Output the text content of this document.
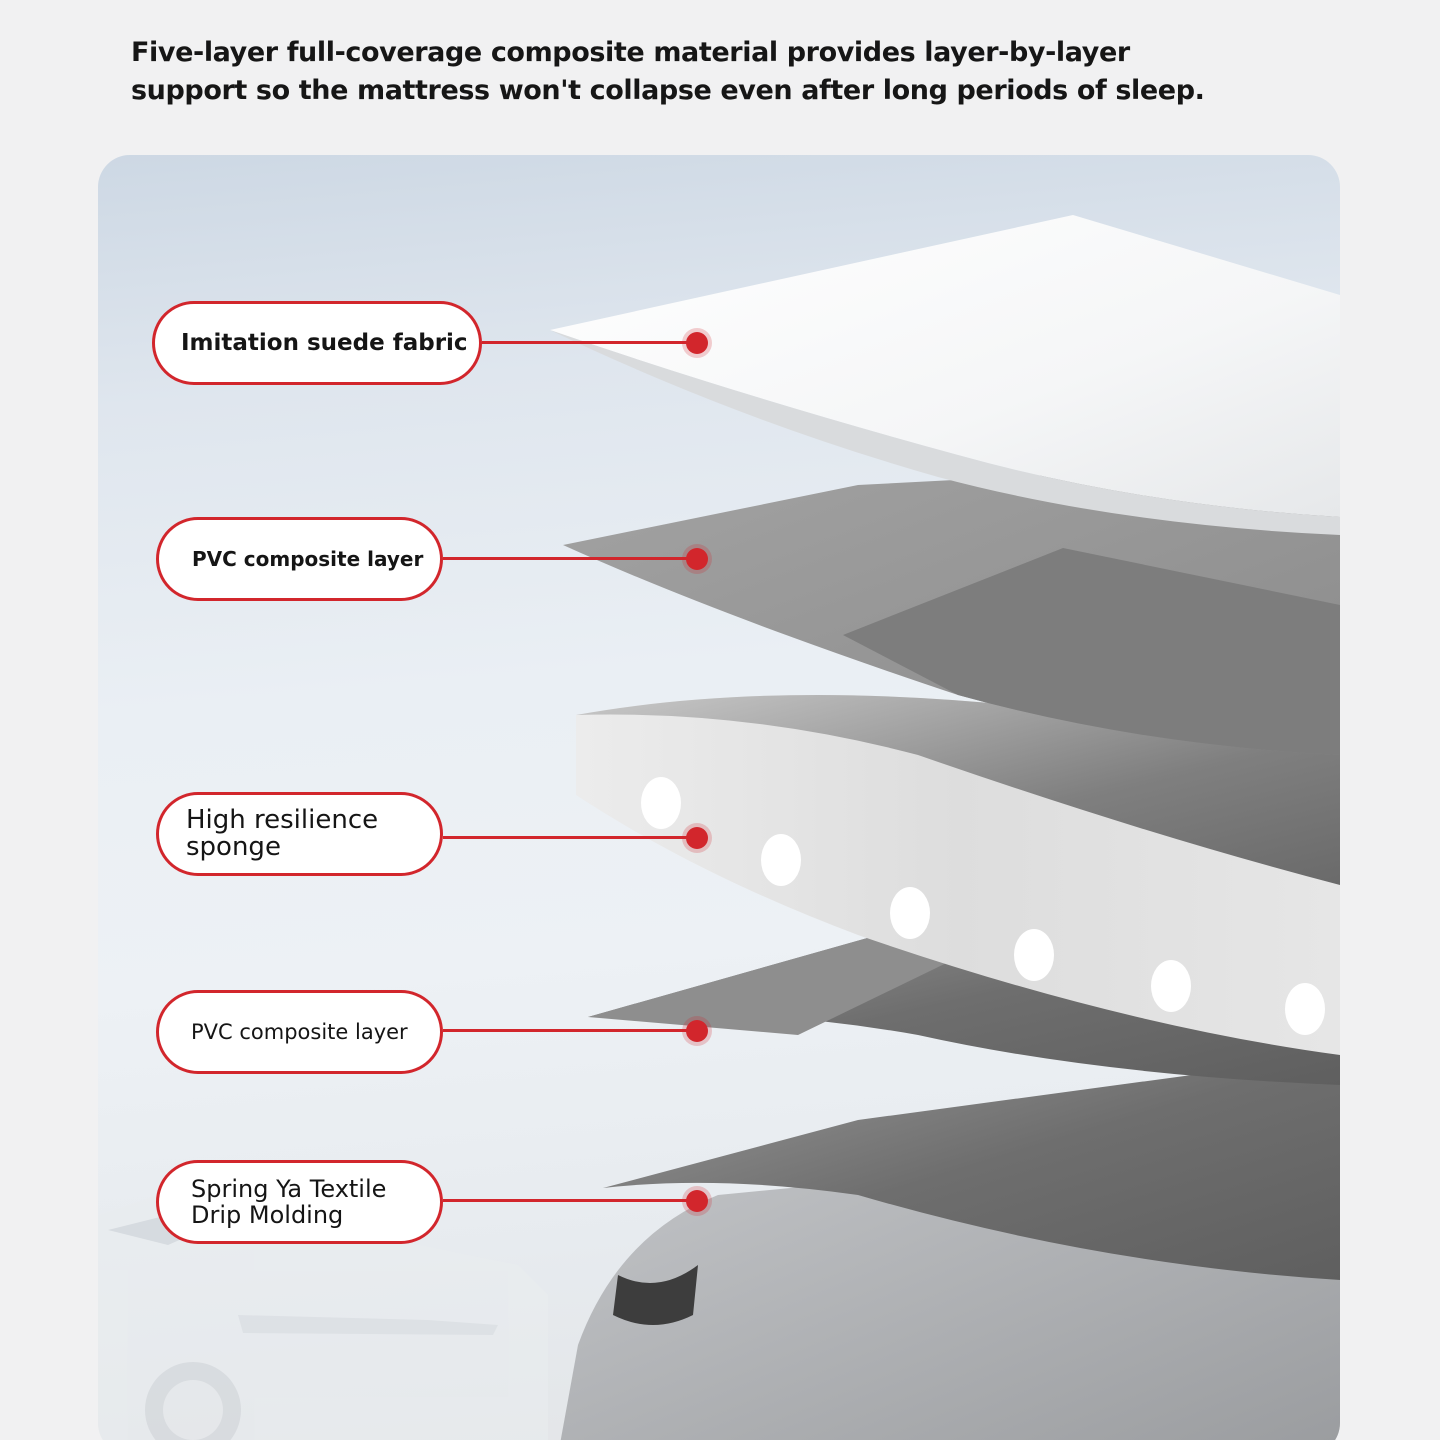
Five-layer full-coverage composite material provides layer-by-layer support so the mattress won't collapse even after long periods of sleep.

Imitation suede fabric
PVC composite layer
High resilience
sponge
PVC composite layer
Spring Ya Textile
Drip Molding
